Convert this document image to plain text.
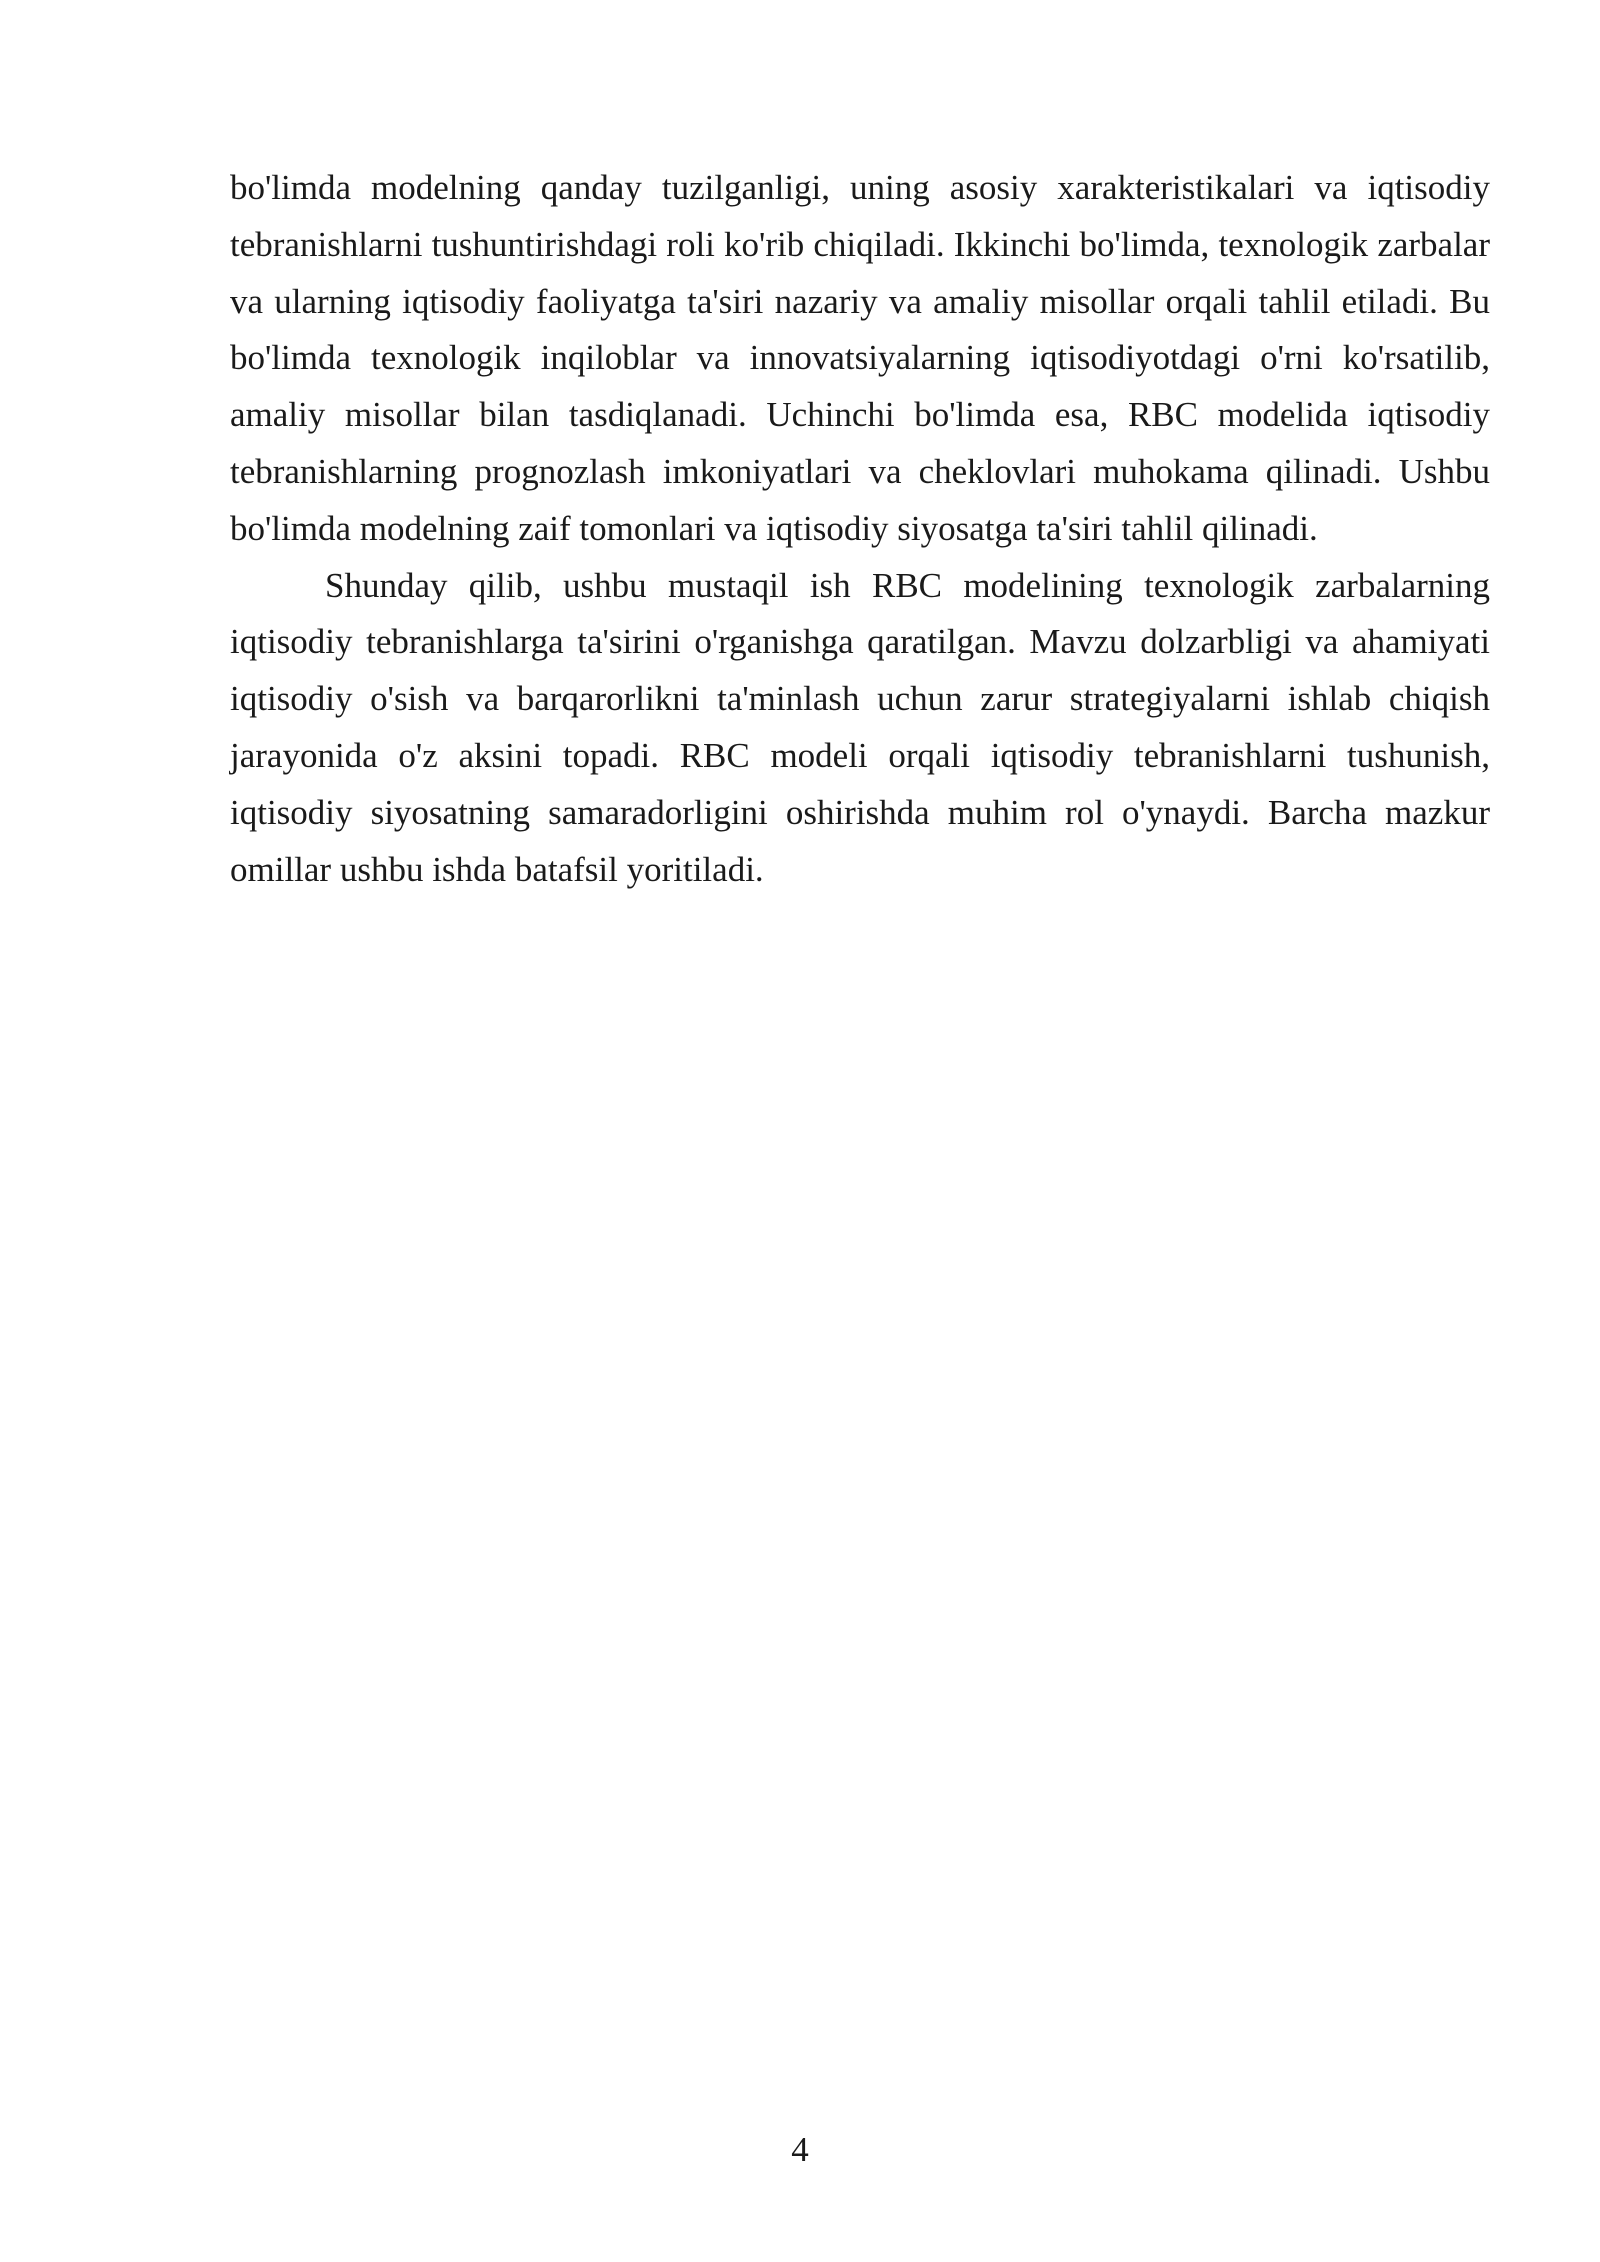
bo'limda modelning qanday tuzilganligi, uning asosiy xarakteristikalari va iqtisodiy tebranishlarni tushuntirishdagi roli ko'rib chiqiladi. Ikkinchi bo'limda, texnologik zarbalar va ularning iqtisodiy faoliyatga ta'siri nazariy va amaliy misollar orqali tahlil etiladi. Bu bo'limda texnologik inqiloblar va innovatsiyalarning iqtisodiyotdagi o'rni ko'rsatilib, amaliy misollar bilan tasdiqlanadi. Uchinchi bo'limda esa, RBC modelida iqtisodiy tebranishlarning prognozlash imkoniyatlari va cheklovlari muhokama qilinadi. Ushbu bo'limda modelning zaif tomonlari va iqtisodiy siyosatga ta'siri tahlil qilinadi.

Shunday qilib, ushbu mustaqil ish RBC modelining texnologik zarbalarning iqtisodiy tebranishlarga ta'sirini o'rganishga qaratilgan. Mavzu dolzarbligi va ahamiyati iqtisodiy o'sish va barqarorlikni ta'minlash uchun zarur strategiyalarni ishlab chiqish jarayonida o'z aksini topadi. RBC modeli orqali iqtisodiy tebranishlarni tushunish, iqtisodiy siyosatning samaradorligini oshirishda muhim rol o'ynaydi. Barcha mazkur omillar ushbu ishda batafsil yoritiladi.

4
